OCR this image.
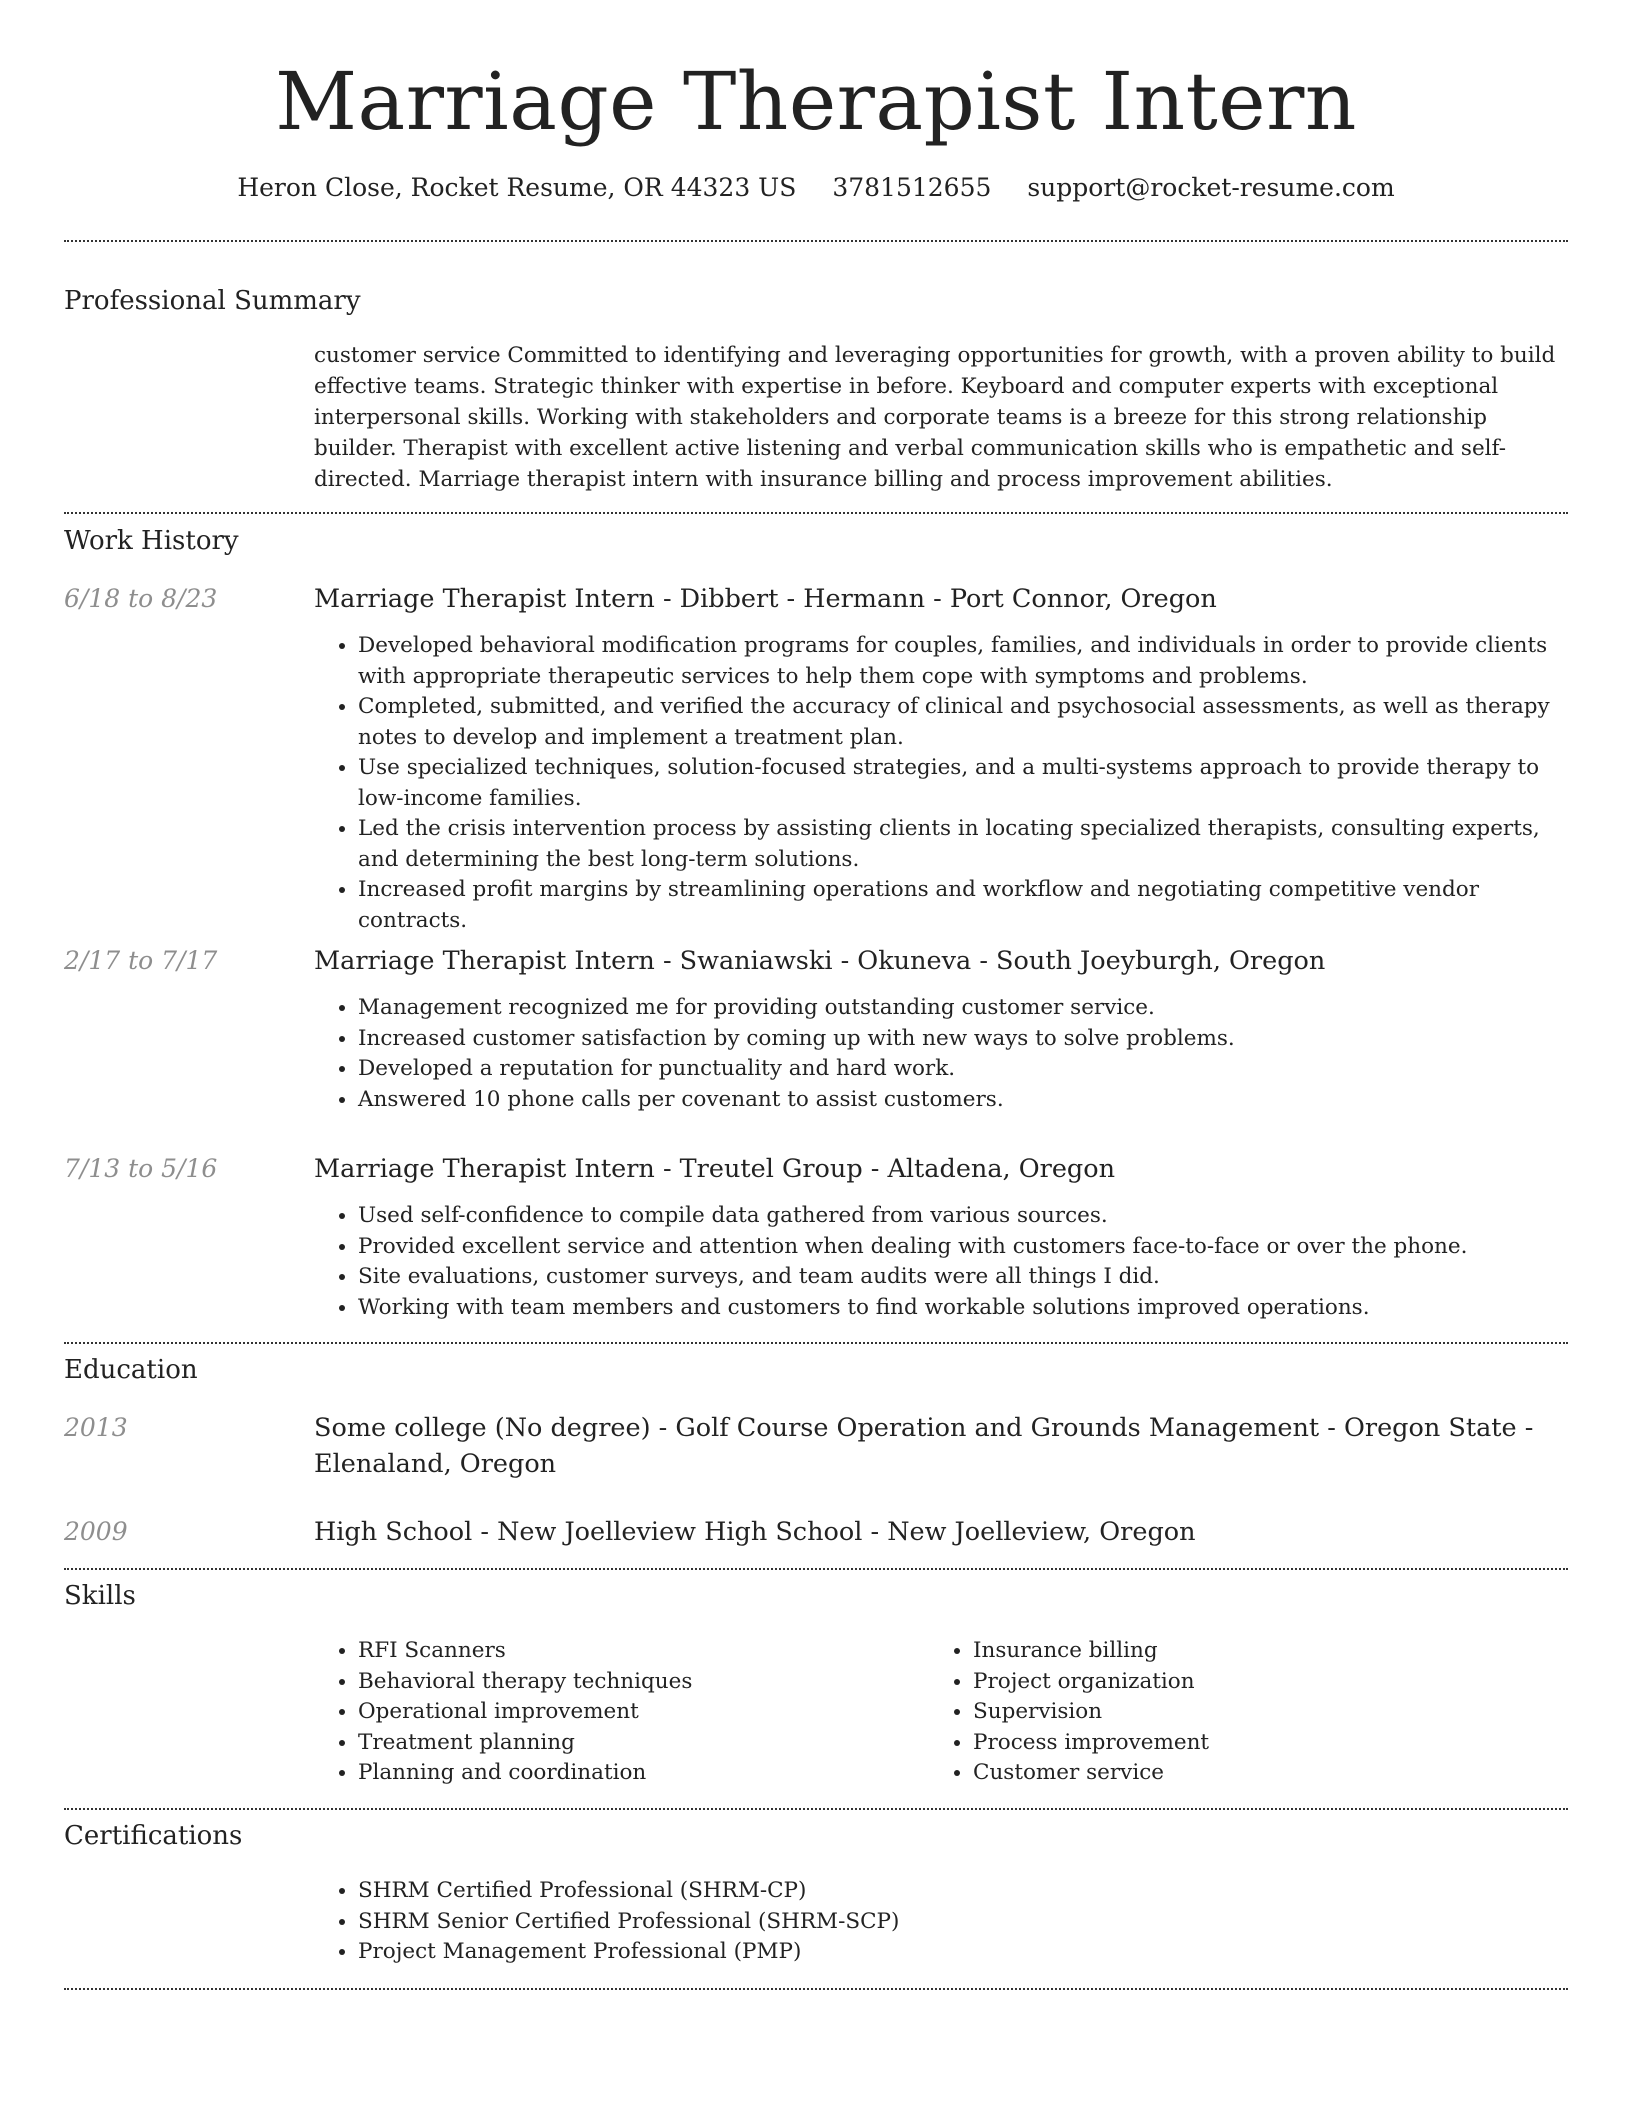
Marriage Therapist Intern
Heron Close, Rocket Resume, OR 44323 US 3781512655 support@rocket-resume.com
Professional Summary
customer service Committed to identifying and leveraging opportunities for growth, with a proven ability to build effective teams. Strategic thinker with expertise in before. Keyboard and computer experts with exceptional interpersonal skills. Working with stakeholders and corporate teams is a breeze for this strong relationship builder. Therapist with excellent active listening and verbal communication skills who is empathetic and self-directed. Marriage therapist intern with insurance billing and process improvement abilities.
Work History
6/18 to 8/23	Marriage Therapist Intern - Dibbert - Hermann - Port Connor, Oregon
• Developed behavioral modification programs for couples, families, and individuals in order to provide clients with appropriate therapeutic services to help them cope with symptoms and problems.
• Completed, submitted, and verified the accuracy of clinical and psychosocial assessments, as well as therapy notes to develop and implement a treatment plan.
• Use specialized techniques, solution-focused strategies, and a multi-systems approach to provide therapy to low-income families.
• Led the crisis intervention process by assisting clients in locating specialized therapists, consulting experts, and determining the best long-term solutions.
• Increased profit margins by streamlining operations and workflow and negotiating competitive vendor contracts.
2/17 to 7/17	Marriage Therapist Intern - Swaniawski - Okuneva - South Joeyburgh, Oregon
• Management recognized me for providing outstanding customer service.
• Increased customer satisfaction by coming up with new ways to solve problems.
• Developed a reputation for punctuality and hard work.
• Answered 10 phone calls per covenant to assist customers.
7/13 to 5/16	Marriage Therapist Intern - Treutel Group - Altadena, Oregon
• Used self-confidence to compile data gathered from various sources.
• Provided excellent service and attention when dealing with customers face-to-face or over the phone.
• Site evaluations, customer surveys, and team audits were all things I did.
• Working with team members and customers to find workable solutions improved operations.
Education
2013	Some college (No degree) - Golf Course Operation and Grounds Management - Oregon State - Elenaland, Oregon
2009	High School - New Joelleview High School - New Joelleview, Oregon
Skills
• RFI Scanners
• Behavioral therapy techniques
• Operational improvement
• Treatment planning
• Planning and coordination
• Insurance billing
• Project organization
• Supervision
• Process improvement
• Customer service
Certifications
• SHRM Certified Professional (SHRM-CP)
• SHRM Senior Certified Professional (SHRM-SCP)
• Project Management Professional (PMP)
